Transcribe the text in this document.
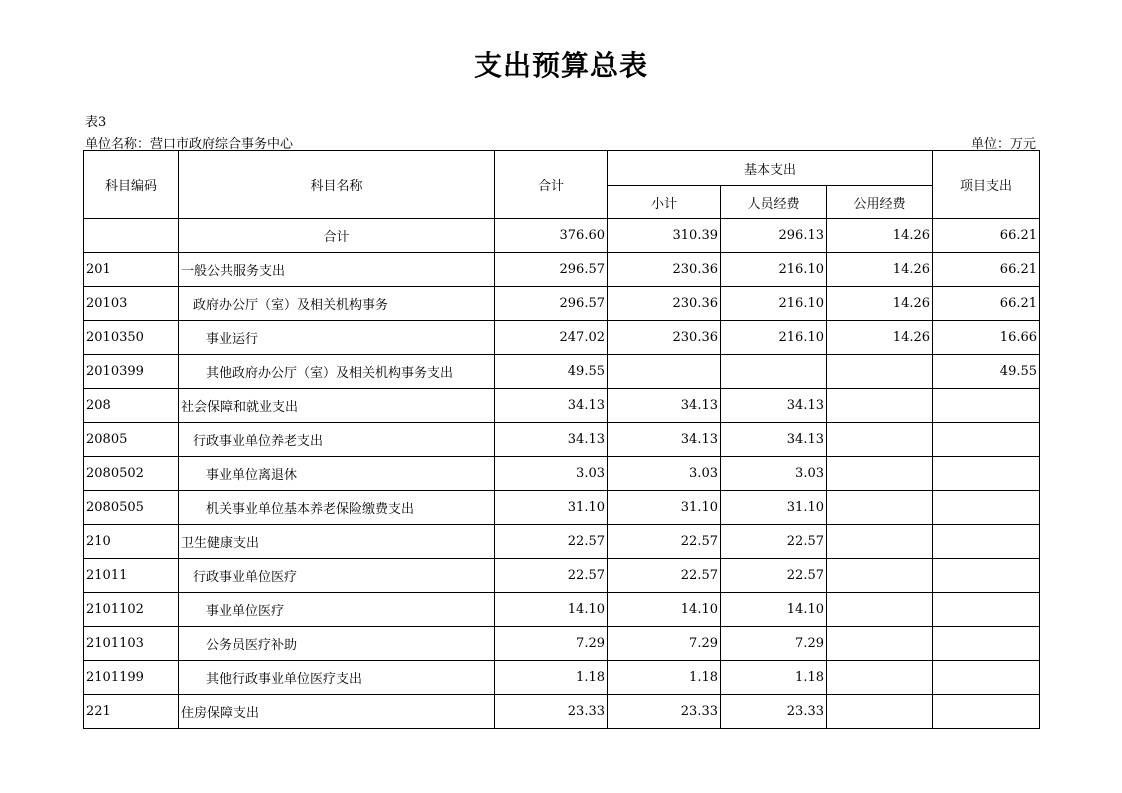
支出预算总表
表3
单位名称：营口市政府综合事务中心	单位：万元
科目编码	科目名称	合计	基本支出			项目支出
			小计	人员经费	公用经费	
	合计	376.60	310.39	296.13	14.26	66.21
201	一般公共服务支出	296.57	230.36	216.10	14.26	66.21
20103	政府办公厅（室）及相关机构事务	296.57	230.36	216.10	14.26	66.21
2010350	事业运行	247.02	230.36	216.10	14.26	16.66
2010399	其他政府办公厅（室）及相关机构事务支出	49.55				49.55
208	社会保障和就业支出	34.13	34.13	34.13		
20805	行政事业单位养老支出	34.13	34.13	34.13		
2080502	事业单位离退休	3.03	3.03	3.03		
2080505	机关事业单位基本养老保险缴费支出	31.10	31.10	31.10		
210	卫生健康支出	22.57	22.57	22.57		
21011	行政事业单位医疗	22.57	22.57	22.57		
2101102	事业单位医疗	14.10	14.10	14.10		
2101103	公务员医疗补助	7.29	7.29	7.29		
2101199	其他行政事业单位医疗支出	1.18	1.18	1.18		
221	住房保障支出	23.33	23.33	23.33		
